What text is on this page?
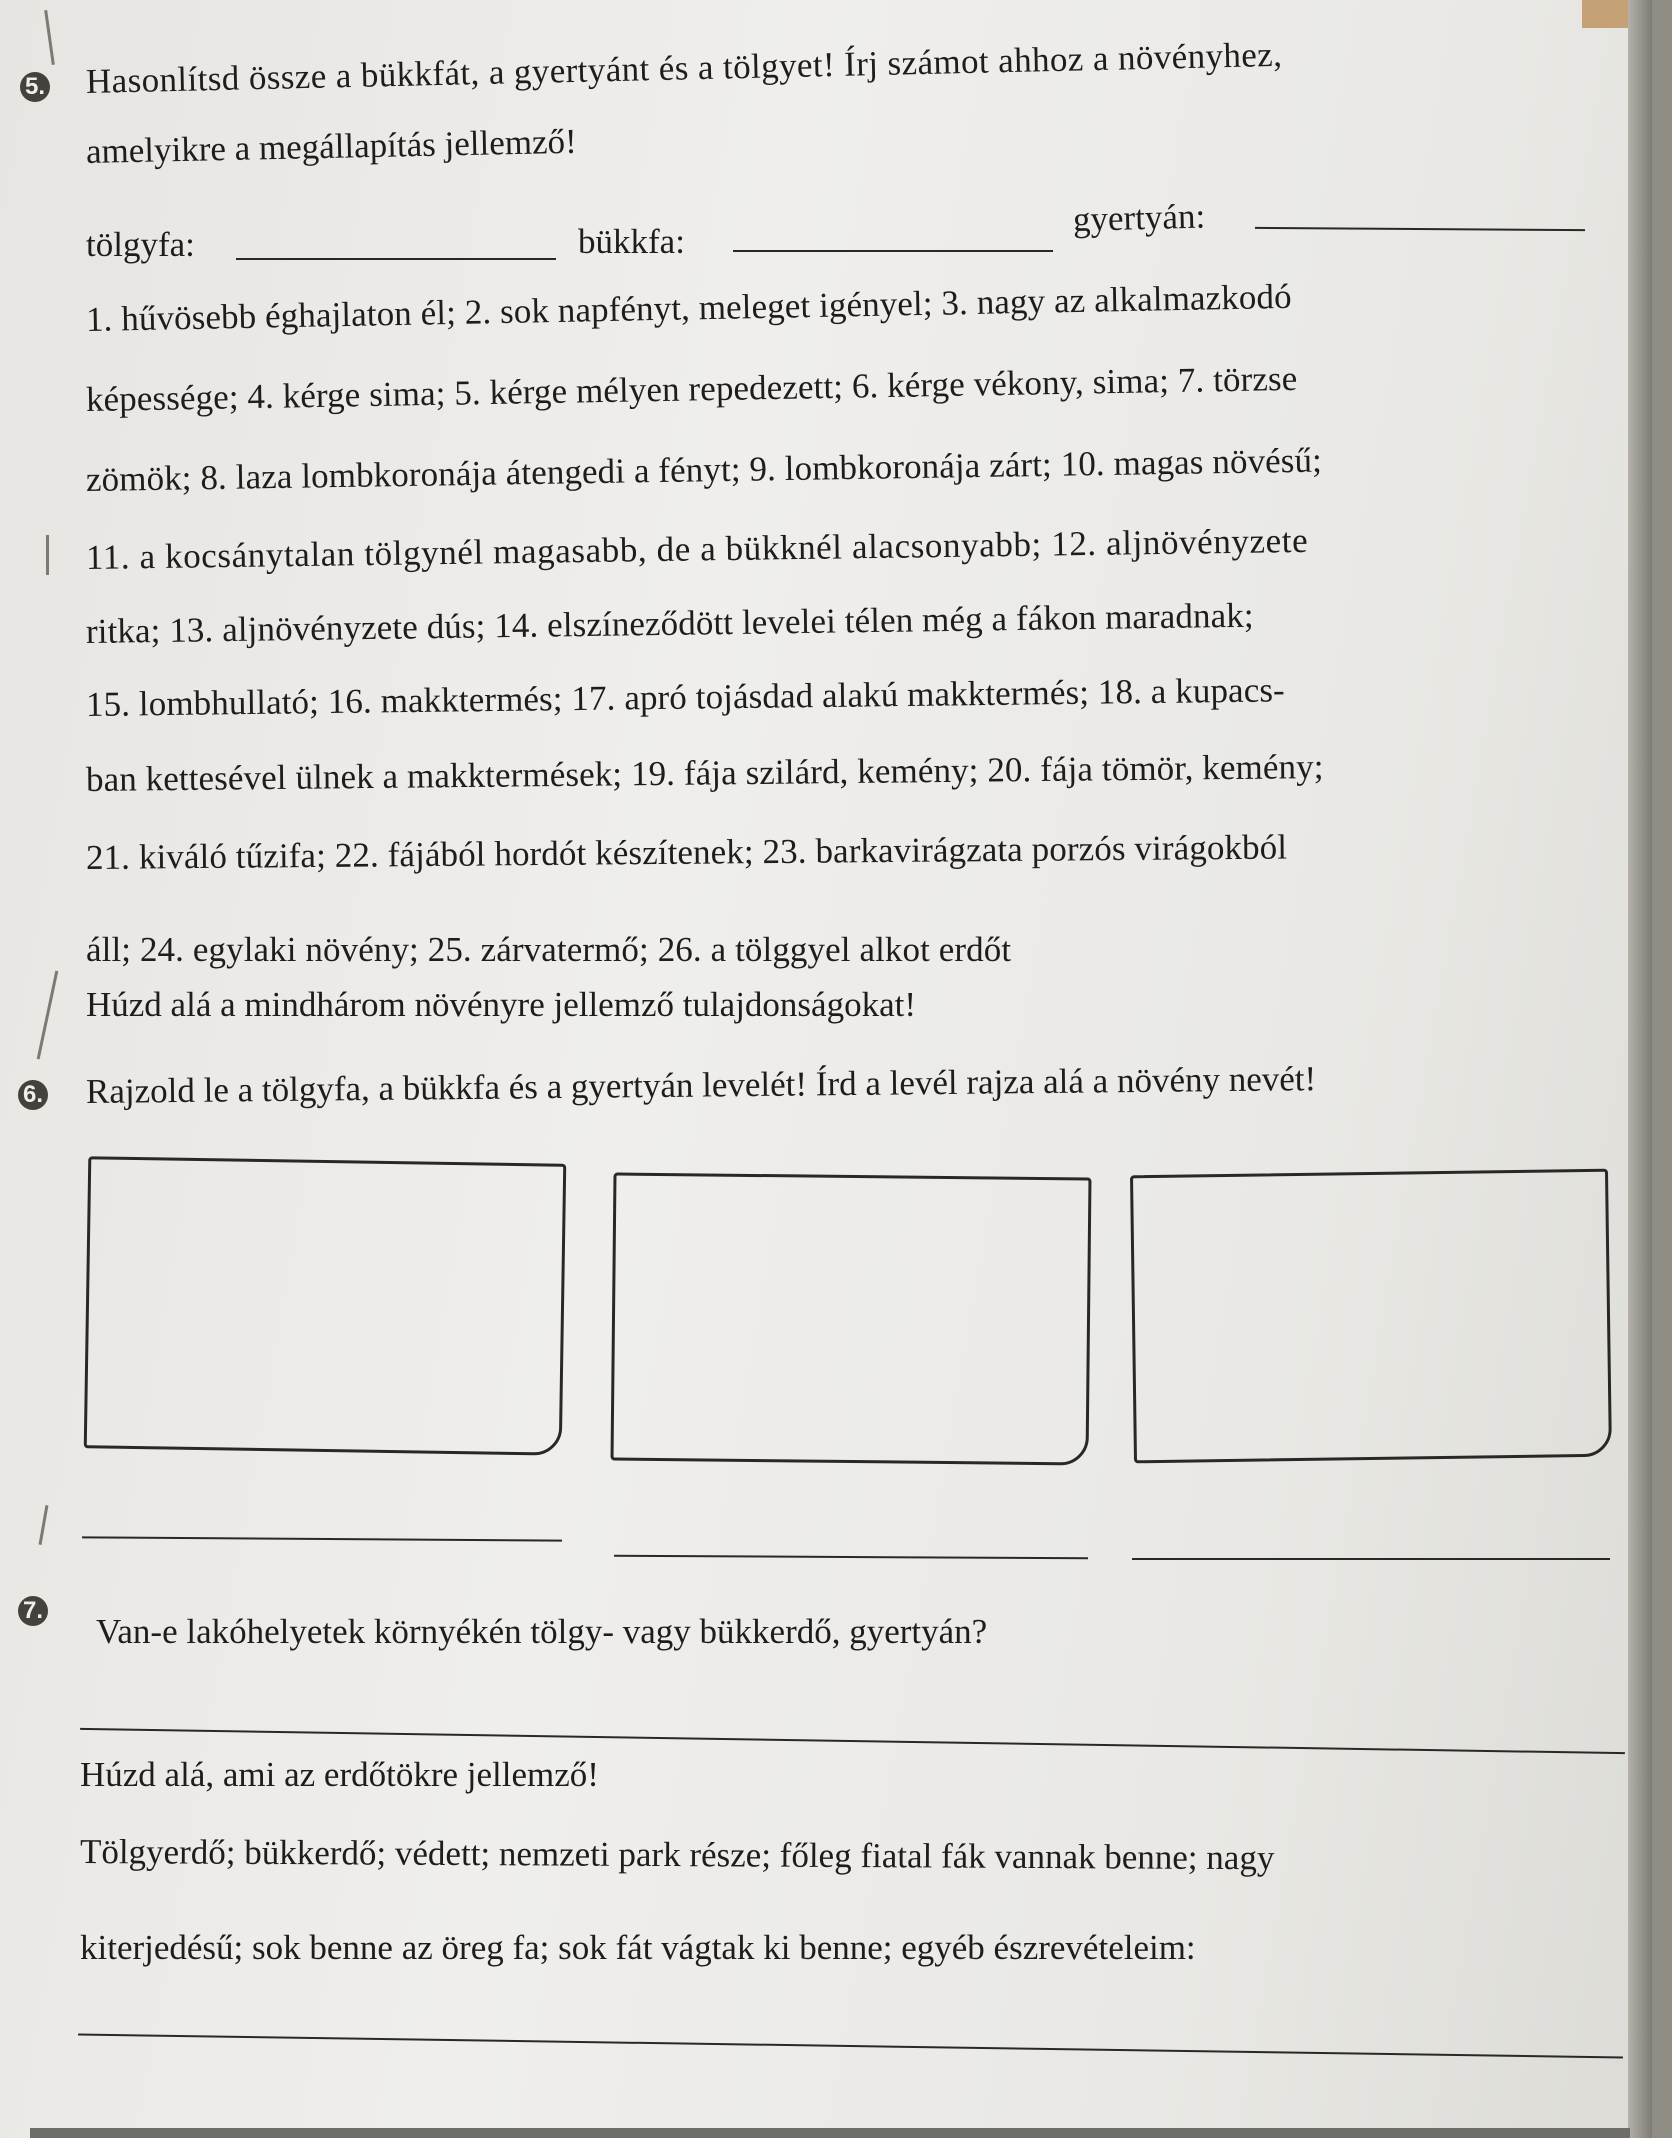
5. Hasonlítsd össze a bükkfát, a gyertyánt és a tölgyet! Írj számot ahhoz a növényhez,

amelyikre a megállapítás jellemző!

tölgyfa:	bükkfa:

gyertyán:

1. hűvösebb éghajlaton él; 2. sok napfényt, meleget igényel; 3. nagy az alkalmazkodó

képessége; 4. kérge sima; 5. kérge mélyen repedezett; 6. kérge vékony, sima; 7. törzse

zömök; 8. laza lombkoronája átengedi a fényt; 9. lombkoronája zárt; 10. magas növésű;

11. a kocsánytalan tölgynél magasabb, de a bükknél alacsonyabb; 12. aljnövényzete

ritka; 13. aljnövényzete dús; 14. elszíneződött levelei télen még a fákon maradnak;

15. lombhullató; 16. makktermés; 17. apró tojásdad alakú makktermés; 18. a kupacs-

ban kettesével ülnek a makktermések; 19. fája szilárd, kemény; 20. fája tömör, kemény;

21. kiváló tűzifa; 22. fájából hordót készítenek; 23. barkavirágzata porzós virágokból

áll; 24. egylaki növény; 25. zárvatermő; 26. a tölggyel alkot erdőt

Húzd alá a mindhárom növényre jellemző tulajdonságokat!

6. Rajzold le a tölgyfa, a bükkfa és a gyertyán levelét! Írd a levél rajza alá a növény nevét!

7.

Van-e lakóhelyetek környékén tölgy- vagy bükkerdő, gyertyán?

Húzd alá, ami az erdőtökre jellemző!

Tölgyerdő; bükkerdő; védett; nemzeti park része; főleg fiatal fák vannak benne; nagy

kiterjedésű; sok benne az öreg fa; sok fát vágtak ki benne; egyéb észrevételeim:
